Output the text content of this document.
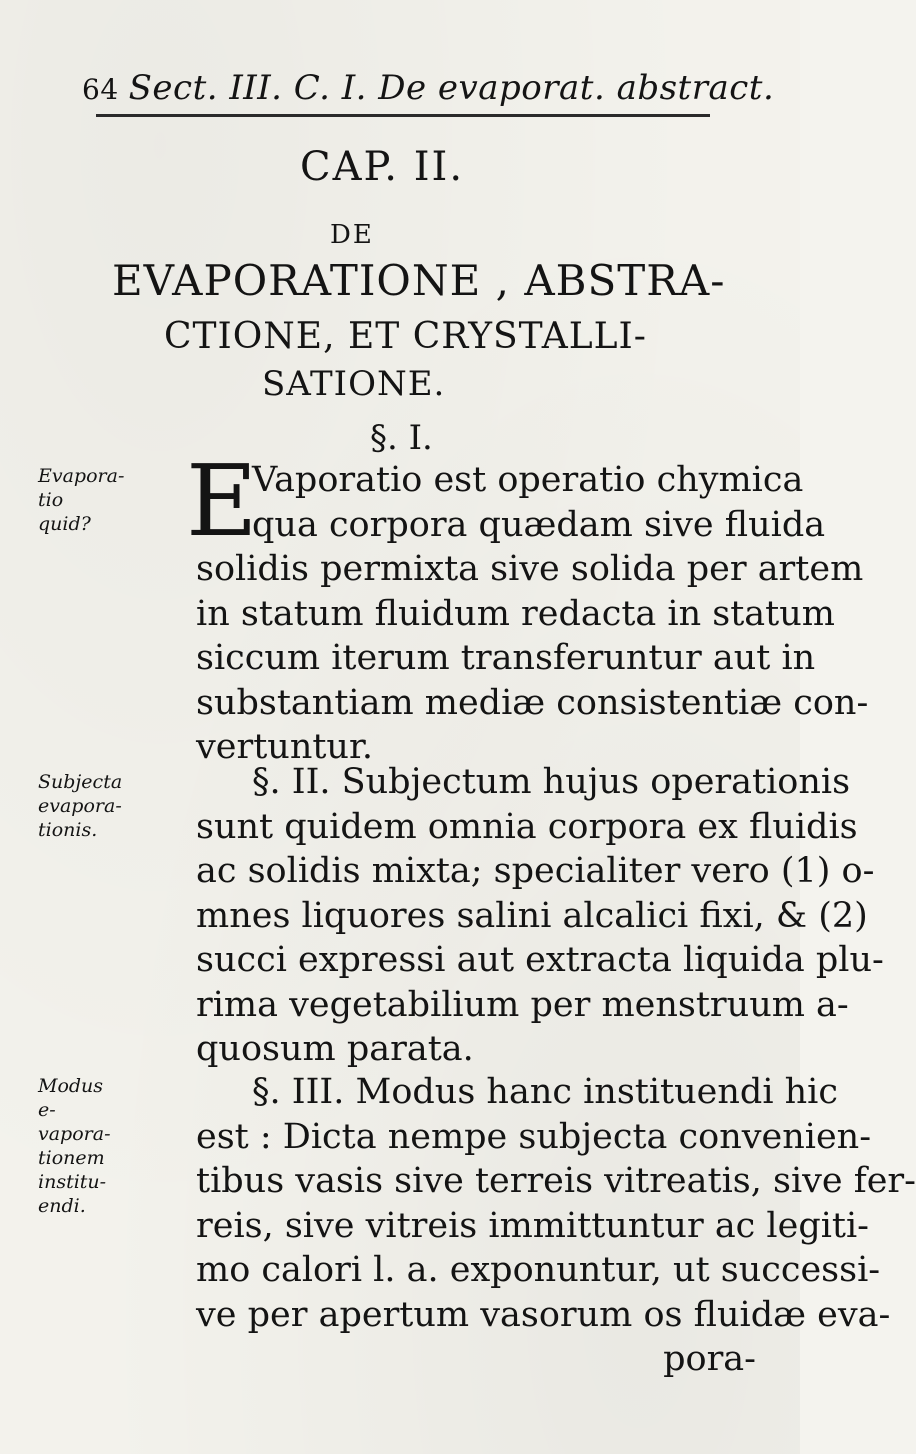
64 Sect. III. C. I. De evaporat. abstract.
CAP. II.
DE
EVAPORATIONE , ABSTRA-
CTIONE, ET CRYSTALLI-
SATIONE.
§. I.
Evapora-
tio quid? E
Vaporatio est operatio chymica
qua corpora quædam sive fluida
solidis permixta sive solida per artem
in statum fluidum redacta in statum
siccum iterum transferuntur aut in
substantiam mediæ consistentiæ con-
vertuntur.
Subjecta
evapora-
tionis.
§. II. Subjectum hujus operationis
sunt quidem omnia corpora ex fluidis
ac solidis mixta; specialiter vero (1) o-
mnes liquores salini alcalici fixi, & (2)
succi expressi aut extracta liquida plu-
rima vegetabilium per menstruum a-
quosum parata.
Modus e-
vapora-
tionem
institu-
endi.
§. III. Modus hanc instituendi hic
est : Dicta nempe subjecta convenien-
tibus vasis sive terreis vitreatis, sive fer-
reis, sive vitreis immittuntur ac legiti-
mo calori l. a. exponuntur, ut successi-
ve per apertum vasorum os fluidæ eva-
pora-
